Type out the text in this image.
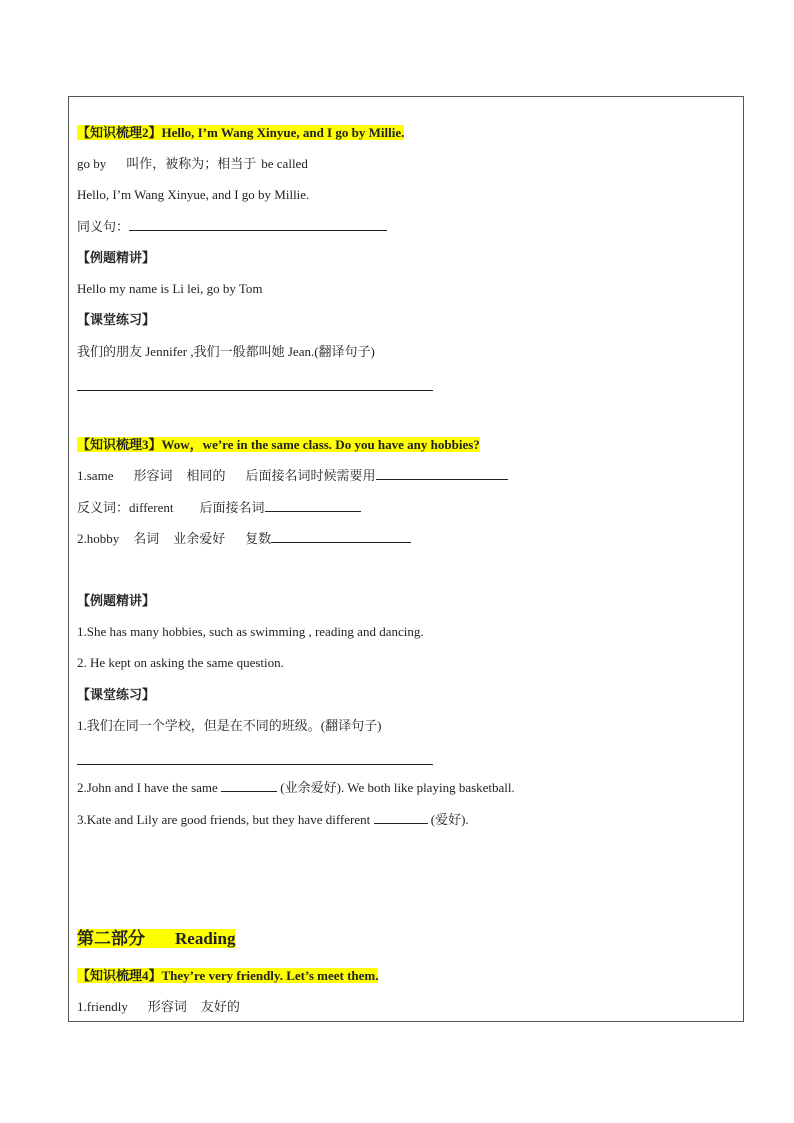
【知识梳理2】Hello, I’m Wang Xinyue, and I go by Millie.
go by 叫作，被称为；相当于 be called
Hello, I’m Wang Xinyue, and I go by Millie.
同义句：
【例题精讲】
Hello my name is Li lei, go by Tom
【课堂练习】
我们的朋友 Jennifer ,我们一般都叫她 Jean.(翻译句子)
【知识梳理3】Wow，we’re in the same class. Do you have any hobbies?
1.same 形容词 相同的 后面接名词时候需要用
反义词：different 后面接名词
2.hobby 名词 业余爱好 复数
【例题精讲】
1.She has many hobbies, such as swimming , reading and dancing.
2. He kept on asking the same question.
【课堂练习】
1.我们在同一个学校，但是在不同的班级。(翻译句子)
2.John and I have the same	(业余爱好). We both like playing basketball.
3.Kate and Lily are good friends, but they have different	(爱好).
第二部分 Reading
【知识梳理4】They’re very friendly. Let’s meet them.
1.friendly 形容词 友好的
